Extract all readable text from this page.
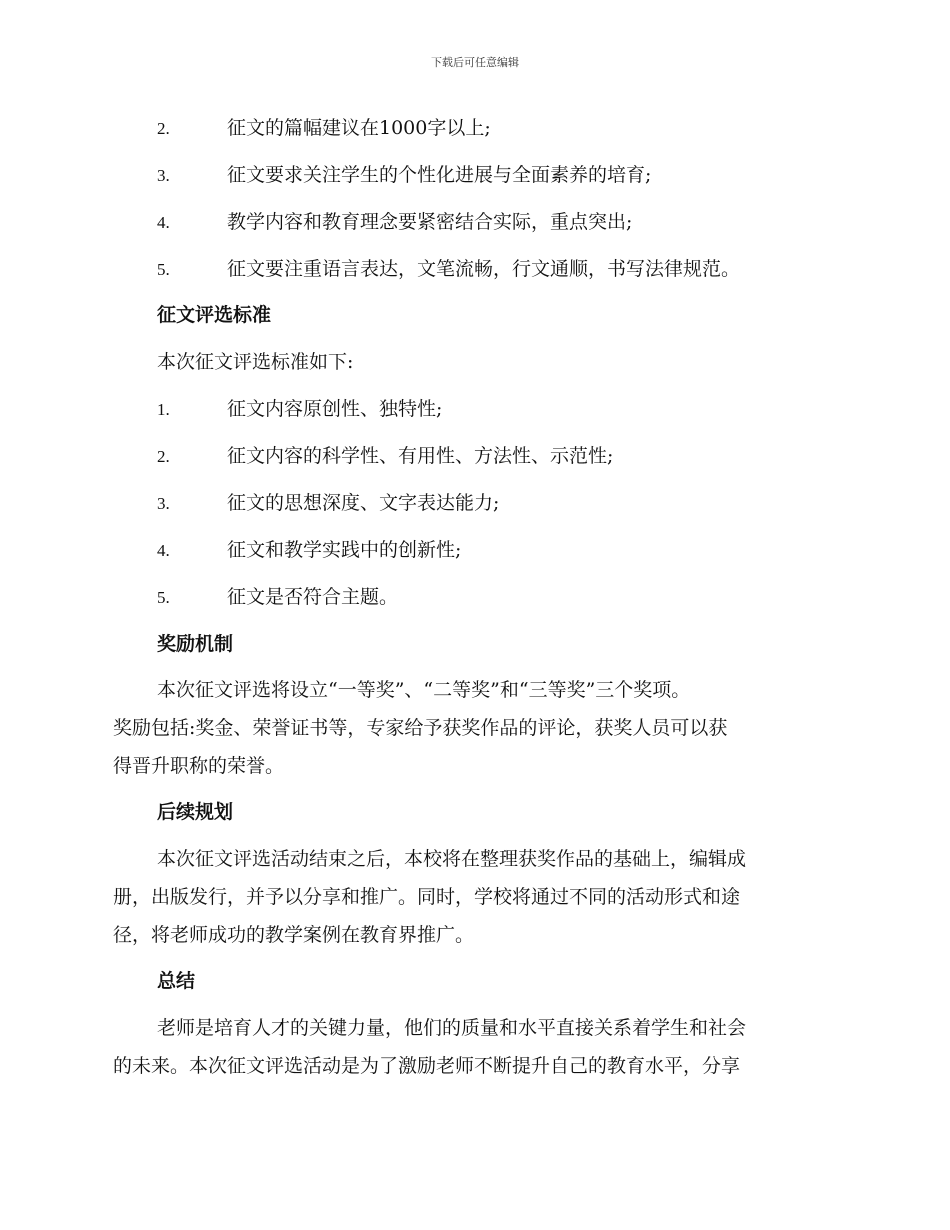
下载后可任意编辑
2.	征文的篇幅建议在1000字以上;
3.	征文要求关注学生的个性化进展与全面素养的培育;
4.	教学内容和教育理念要紧密结合实际，重点突出;
5.	征文要注重语言表达，文笔流畅，行文通顺，书写法律规范。
征文评选标准
本次征文评选标准如下:
1.	征文内容原创性、独特性;
2.	征文内容的科学性、有用性、方法性、示范性;
3.	征文的思想深度、文字表达能力;
4.	征文和教学实践中的创新性;
5.	征文是否符合主题。
奖励机制
本次征文评选将设立“一等奖”、“二等奖”和“三等奖”三个奖项。
奖励包括:奖金、荣誉证书等，专家给予获奖作品的评论，获奖人员可以获
得晋升职称的荣誉。
后续规划
本次征文评选活动结束之后，本校将在整理获奖作品的基础上，编辑成
册，出版发行，并予以分享和推广。同时，学校将通过不同的活动形式和途
径，将老师成功的教学案例在教育界推广。
总结
老师是培育人才的关键力量，他们的质量和水平直接关系着学生和社会
的未来。本次征文评选活动是为了激励老师不断提升自己的教育水平，分享
